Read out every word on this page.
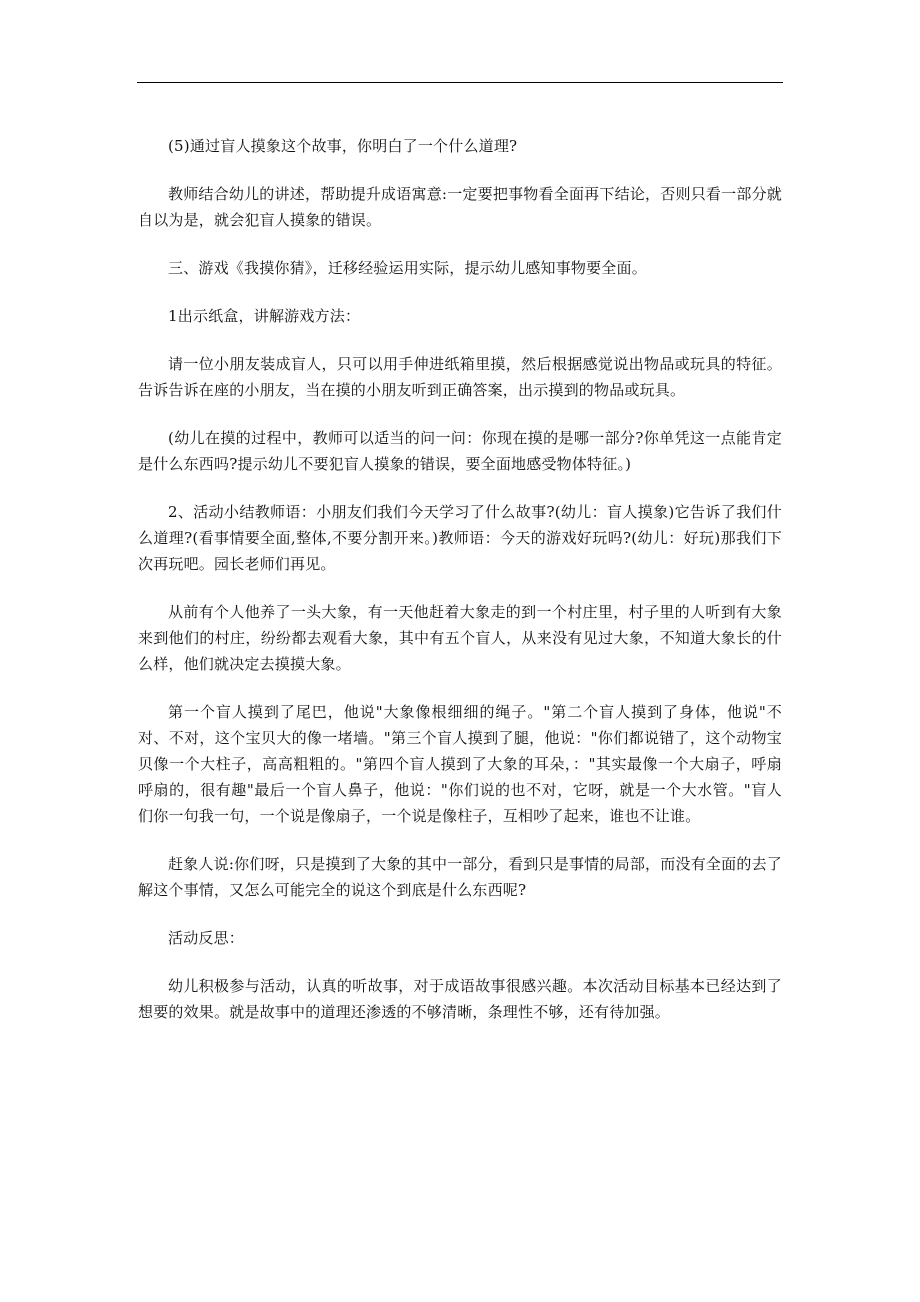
(5)通过盲人摸象这个故事，你明白了一个什么道理?

教师结合幼儿的讲述，帮助提升成语寓意:一定要把事物看全面再下结论，否则只看一部分就自以为是，就会犯盲人摸象的错误。

三、游戏《我摸你猜》，迁移经验运用实际，提示幼儿感知事物要全面。

1出示纸盒，讲解游戏方法：

请一位小朋友装成盲人，只可以用手伸进纸箱里摸，然后根据感觉说出物品或玩具的特征。告诉告诉在座的小朋友，当在摸的小朋友听到正确答案，出示摸到的物品或玩具。

(幼儿在摸的过程中，教师可以适当的问一问：你现在摸的是哪一部分?你单凭这一点能肯定是什么东西吗?提示幼儿不要犯盲人摸象的错误，要全面地感受物体特征。)

2、活动小结教师语：小朋友们我们今天学习了什么故事?(幼儿：盲人摸象)它告诉了我们什么道理?(看事情要全面,整体,不要分割开来。)教师语：今天的游戏好玩吗?(幼儿：好玩)那我们下次再玩吧。园长老师们再见。

从前有个人他养了一头大象，有一天他赶着大象走的到一个村庄里，村子里的人听到有大象来到他们的村庄，纷纷都去观看大象，其中有五个盲人，从来没有见过大象，不知道大象长的什么样，他们就决定去摸摸大象。

第一个盲人摸到了尾巴，他说"大象像根细细的绳子。"第二个盲人摸到了身体，他说"不对、不对，这个宝贝大的像一堵墙。"第三个盲人摸到了腿，他说："你们都说错了，这个动物宝贝像一个大柱子，高高粗粗的。"第四个盲人摸到了大象的耳朵，："其实最像一个大扇子，呼扇呼扇的，很有趣"最后一个盲人鼻子，他说："你们说的也不对，它呀，就是一个大水管。"盲人们你一句我一句，一个说是像扇子，一个说是像柱子，互相吵了起来，谁也不让谁。

赶象人说:你们呀，只是摸到了大象的其中一部分，看到只是事情的局部，而没有全面的去了解这个事情，又怎么可能完全的说这个到底是什么东西呢?

活动反思：

幼儿积极参与活动，认真的听故事，对于成语故事很感兴趣。本次活动目标基本已经达到了想要的效果。就是故事中的道理还渗透的不够清晰，条理性不够，还有待加强。
